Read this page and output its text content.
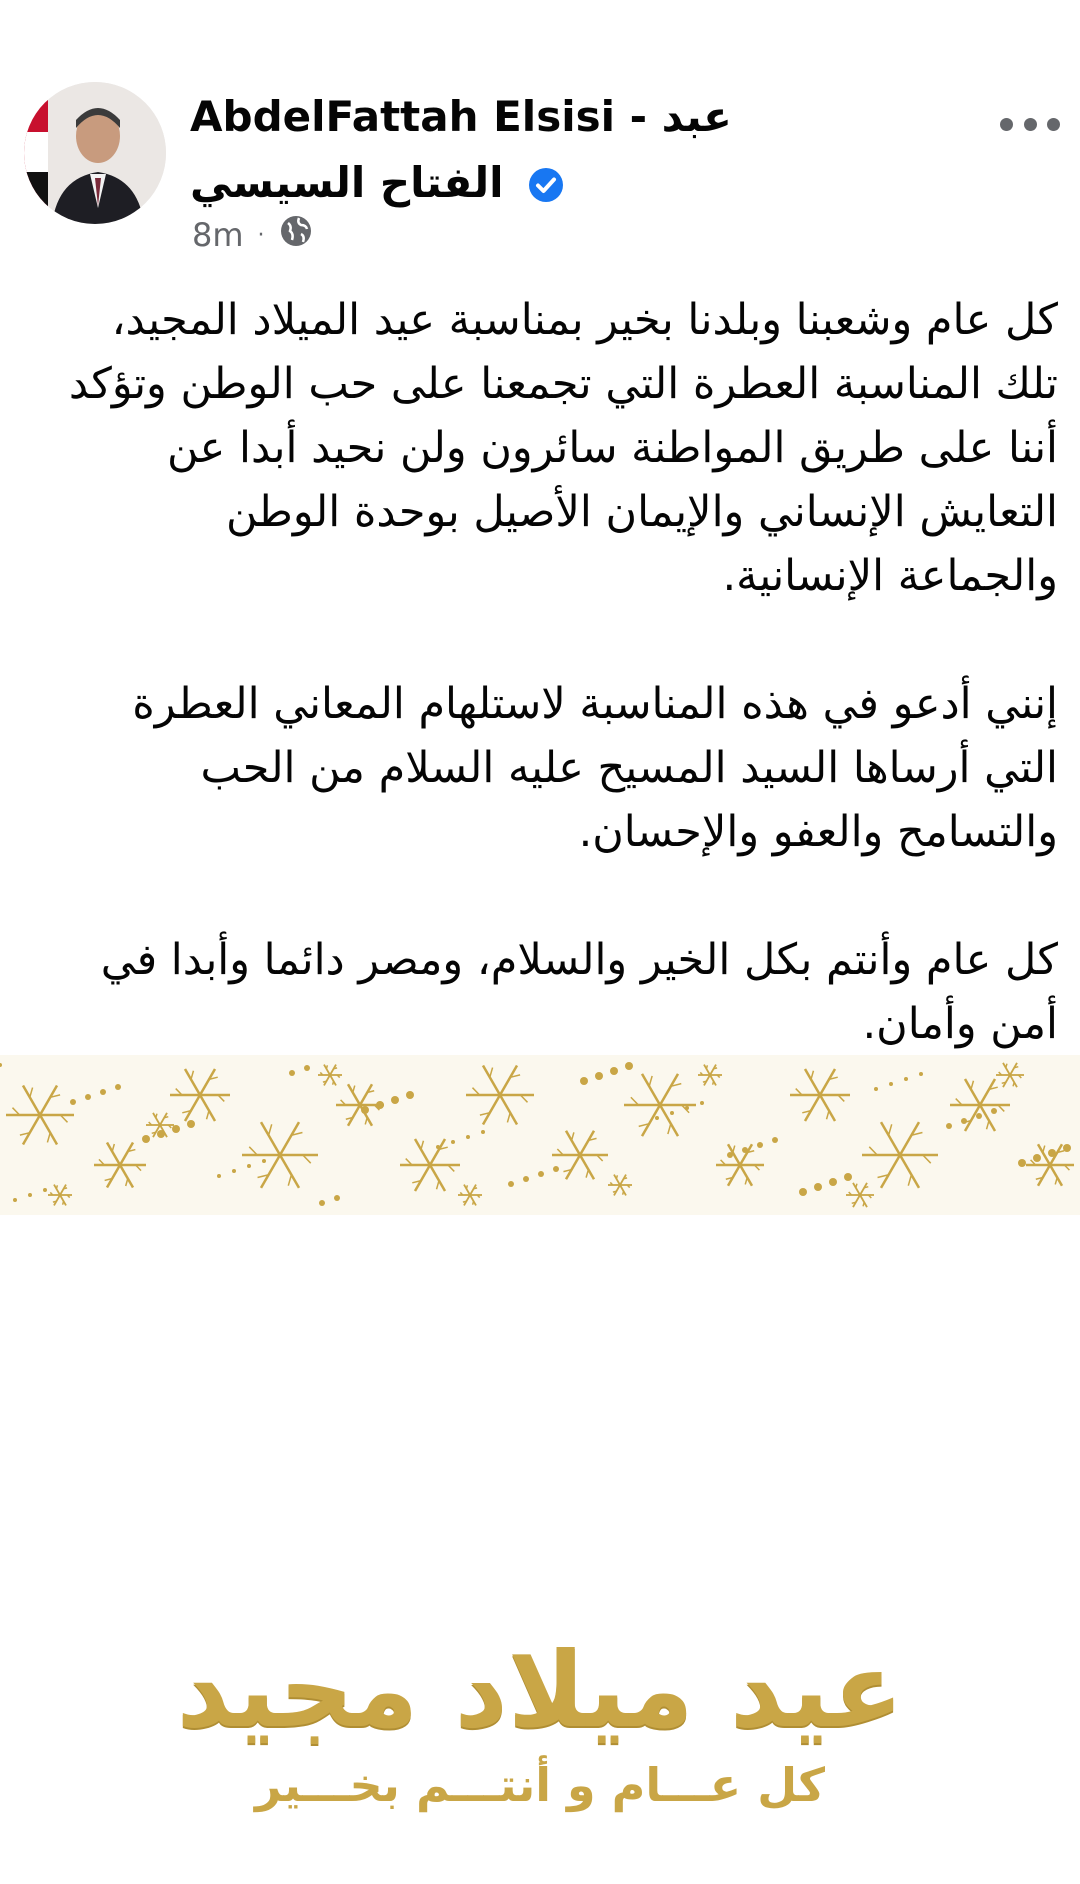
AbdelFattah Elsisi - عبد الفتاح السيسي
8m ·

كل عام وشعبنا وبلدنا بخير بمناسبة عيد الميلاد المجيد، تلك المناسبة العطرة التي تجمعنا على حب الوطن وتؤكد أننا على طريق المواطنة سائرون ولن نحيد أبدا عن التعايش الإنساني والإيمان الأصيل بوحدة الوطن والجماعة الإنسانية.

إنني أدعو في هذه المناسبة لاستلهام المعاني العطرة التي أرساها السيد المسيح عليه السلام من الحب والتسامح والعفو والإحسان.

كل عام وأنتم بكل الخير والسلام، ومصر دائما وأبدا في أمن وأمان.

عيد ميلاد مجيد
كل عـــام و أنتـــم بخـــير
